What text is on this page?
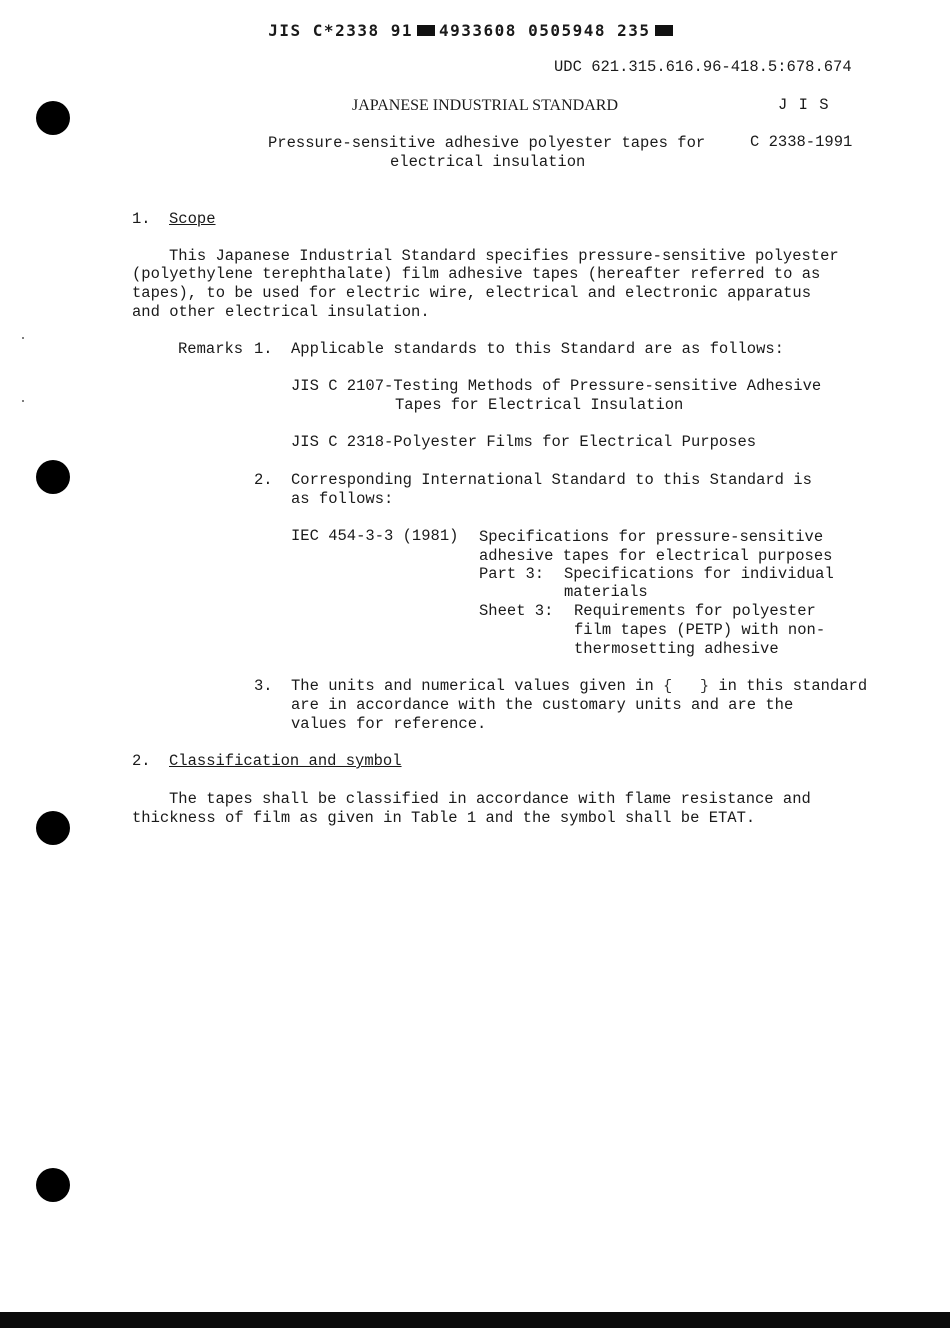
JIS C*2338 91 4933608 0505948 235

UDC 621.315.616.96-418.5:678.674
JAPANESE INDUSTRIAL STANDARD	J I S
Pressure-sensitive adhesive polyester tapes for
electrical insulation
C 2338-1991
1. Scope
This Japanese Industrial Standard specifies pressure-sensitive polyester
(polyethylene terephthalate) film adhesive tapes (hereafter referred to as
tapes), to be used for electric wire, electrical and electronic apparatus
and other electrical insulation.
Remarks 1. Applicable standards to this Standard are as follows:
JIS C 2107-Testing Methods of Pressure-sensitive Adhesive
Tapes for Electrical Insulation
JIS C 2318-Polyester Films for Electrical Purposes
2. Corresponding International Standard to this Standard is
as follows:
IEC 454-3-3 (1981) Specifications for pressure-sensitive
adhesive tapes for electrical purposes
Part 3: Specifications for individual
materials
Sheet 3: Requirements for polyester
film tapes (PETP) with non-
thermosetting adhesive
3. The units and numerical values given in { } in this standard
are in accordance with the customary units and are the
values for reference.
2. Classification and symbol
The tapes shall be classified in accordance with flame resistance and
thickness of film as given in Table 1 and the symbol shall be ETAT.
